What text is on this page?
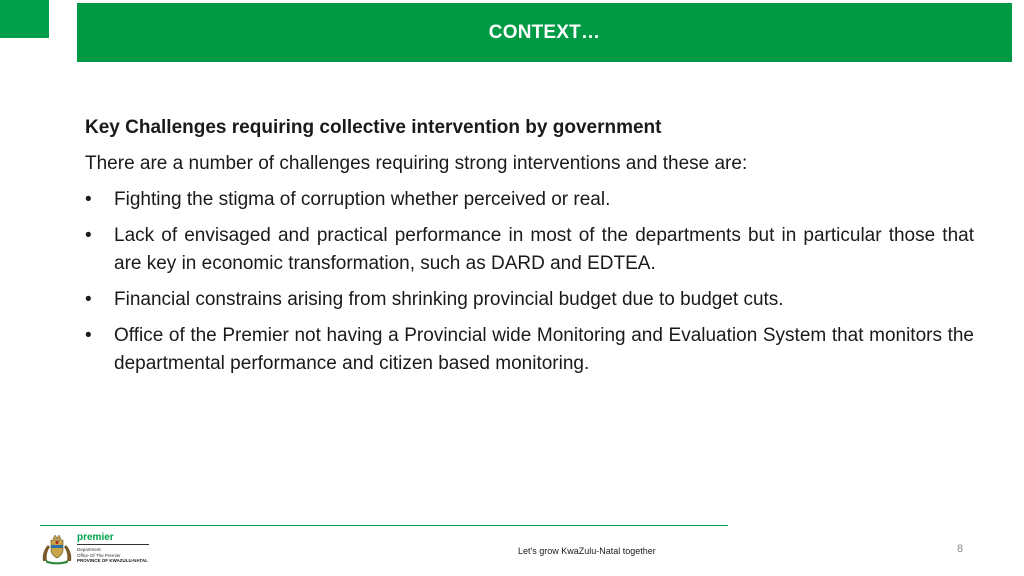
CONTEXT…

Key Challenges requiring collective intervention by government

There are a number of challenges requiring strong interventions and these are:

• Fighting the stigma of corruption whether perceived or real.
• Lack of envisaged and practical performance in most of the departments but in particular those that are key in economic transformation, such as DARD and EDTEA.
• Financial constrains arising from shrinking provincial budget due to budget cuts.
• Office of the Premier not having a Provincial wide Monitoring and Evaluation System that monitors the departmental performance and citizen based monitoring.
premier
Department:
Office Of The Premier
PROVINCE OF KWAZULU-NATAL
Let's grow KwaZulu-Natal together	8
